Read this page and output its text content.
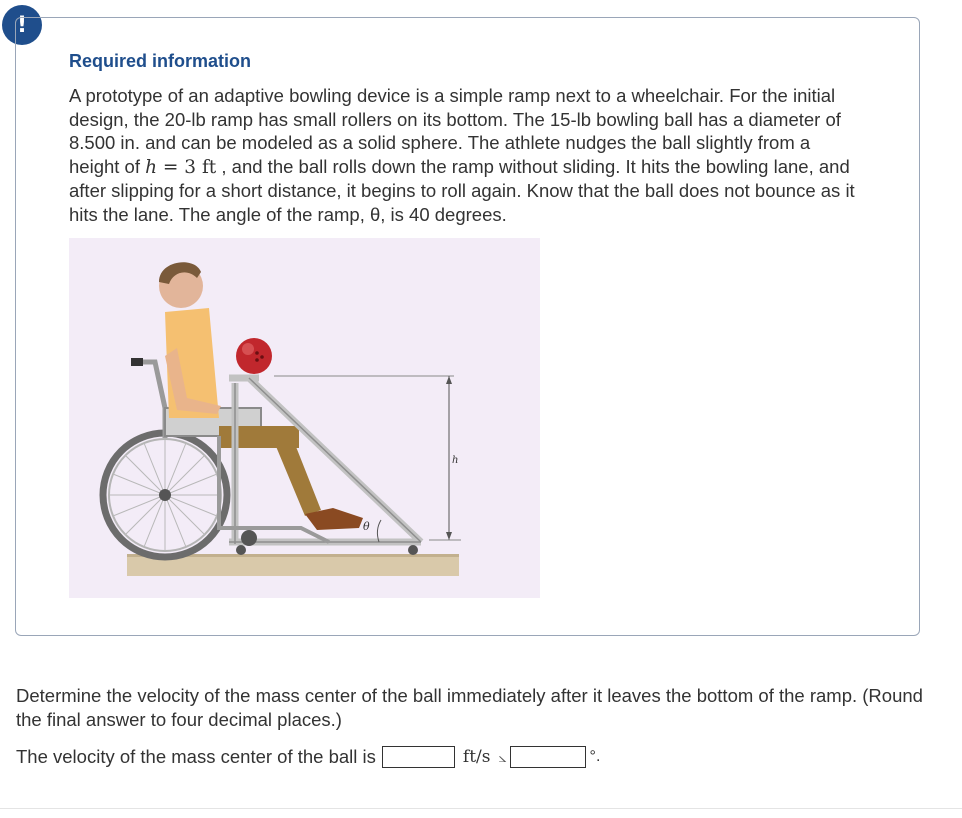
!
Required information
A prototype of an adaptive bowling device is a simple ramp next to a wheelchair. For the initial design, the 20-lb ramp has small rollers on its bottom. The 15-lb bowling ball has a diameter of 8.500 in. and can be modeled as a solid sphere. The athlete nudges the ball slightly from a height of h = 3 ft , and the ball rolls down the ramp without sliding. It hits the bowling lane, and after slipping for a short distance, it begins to roll again. Know that the ball does not bounce as it hits the lane. The angle of the ramp, θ, is 40 degrees.
h
θ
Determine the velocity of the mass center of the ball immediately after it leaves the bottom of the ramp. (Round the final answer to four decimal places.)
The velocity of the mass center of the ball is	ft/s ⦣	°.
